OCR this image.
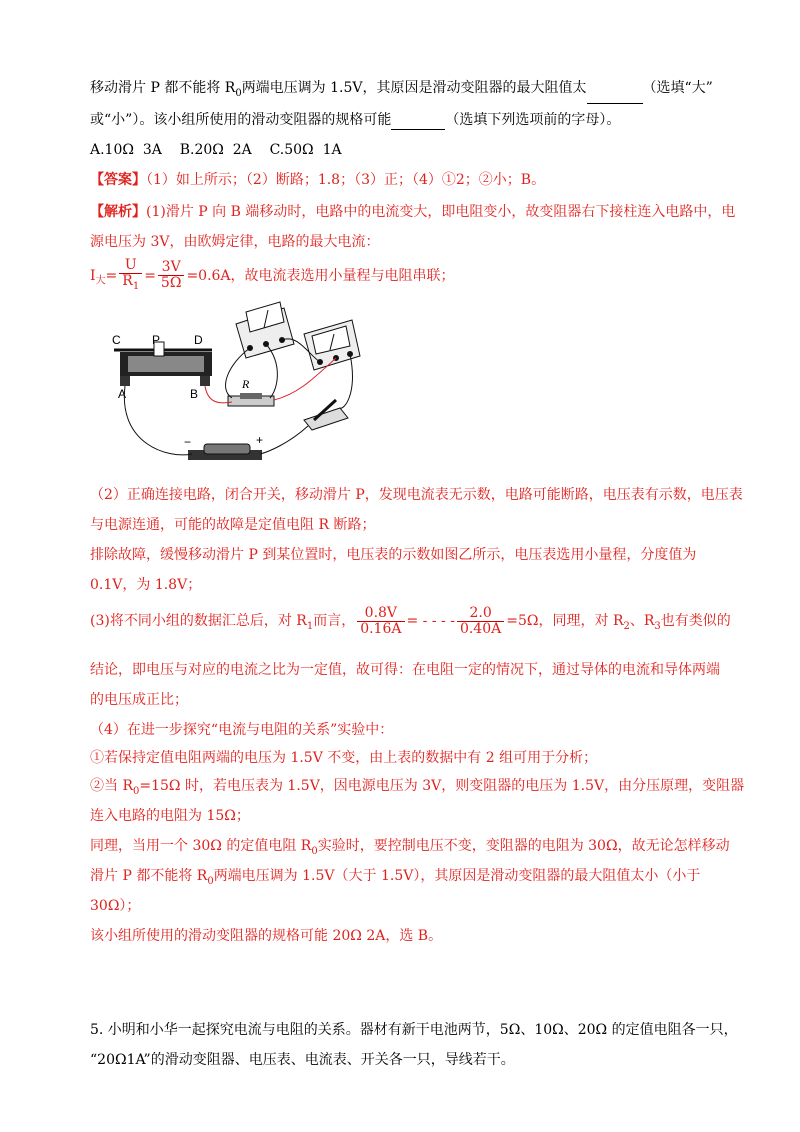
移动滑片 P 都不能将 $R_0$两端电压调为 1.5V，其原因是滑动变阻器的最大阻值太	（选填“大”
或“小”）。该小组所使用的滑动变阻器的规格可能	（选填下列选项前的字母）。
A.10Ω  3A    B.20Ω  2A    C.50Ω  1A
【答案】（1）如上所示；（2）断路；1.8；（3）正；（4）①2；②小；B。
【解析】(1)滑片 P 向 B 端移动时，电路中的电流变大，即电阻变小，故变阻器右下接柱连入电路中，电
源电压为 3V，由欧姆定律，电路的最大电流：
$I_大= \frac{U}{R_1} = \frac{3V}{5\Omega} =0.6A$，故电流表选用小量程与电阻串联；
C	P	D
A	B
R
−	+
（2）正确连接电路，闭合开关，移动滑片 P，发现电流表无示数，电路可能断路，电压表有示数，电压表
与电源连通，可能的故障是定值电阻 R 断路；
排除故障，缓慢移动滑片 P 到某位置时，电压表的示数如图乙所示，电压表选用小量程，分度值为
0.1V，为 1.8V；
(3)将不同小组的数据汇总后，对 $R_1$而言， $\frac{0.8V}{0.16A}$ = - - - - $\frac{2.0}{0.40A} =5\Omega$，同理，对 $R_2$、$R_3$也有类似的
结论，即电压与对应的电流之比为一定值，故可得：在电阻一定的情况下，通过导体的电流和导体两端
的电压成正比；
（4）在进一步探究“电流与电阻的关系”实验中：
①若保持定值电阻两端的电压为 1.5V 不变，由上表的数据中有 2 组可用于分析；
②当 $R_0=15\Omega$ 时，若电压表为 1.5V，因电源电压为 3V，则变阻器的电压为 1.5V，由分压原理，变阻器
连入电路的电阻为 15Ω；
同理，当用一个 30Ω 的定值电阻 $R_0$实验时，要控制电压不变，变阻器的电阻为 30Ω，故无论怎样移动
滑片 P 都不能将 $R_0$两端电压调为 1.5V（大于 1.5V），其原因是滑动变阻器的最大阻值太小（小于
30Ω）；
该小组所使用的滑动变阻器的规格可能 20Ω 2A，选 B。
5. 小明和小华一起探究电流与电阻的关系。器材有新干电池两节，5Ω、10Ω、20Ω 的定值电阻各一只，
“20Ω1A”的滑动变阻器、电压表、电流表、开关各一只，导线若干。
